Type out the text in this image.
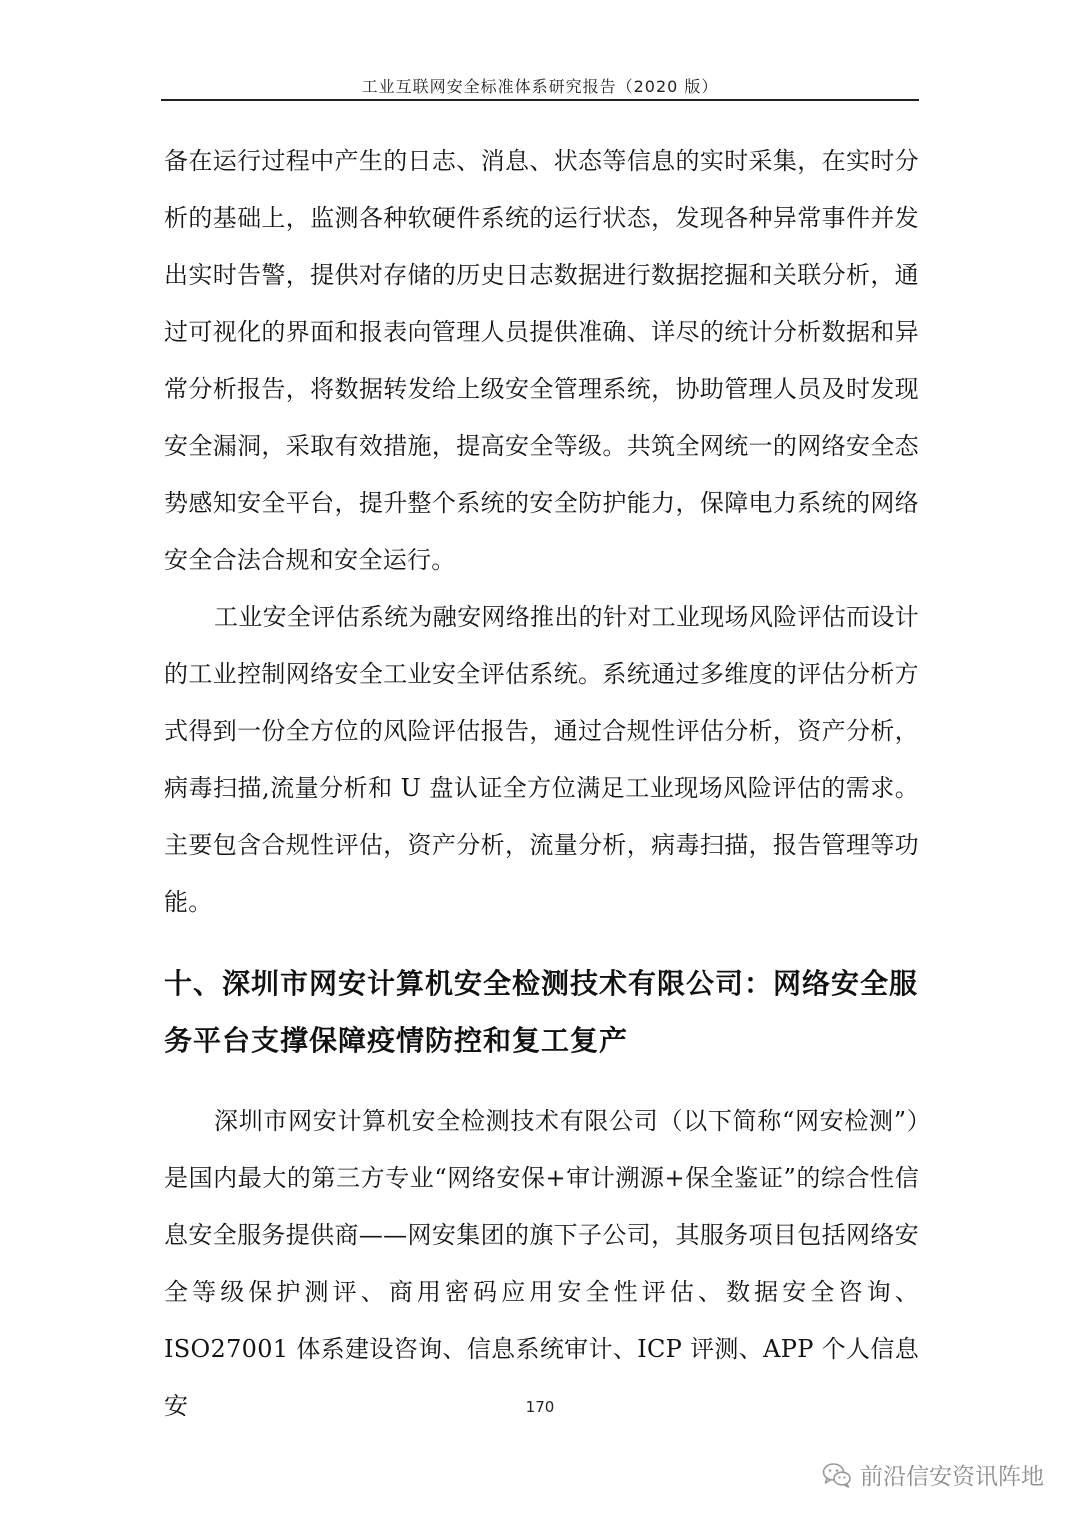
工业互联网安全标准体系研究报告（2020 版）

备在运行过程中产生的日志、消息、状态等信息的实时采集，在实时分析的基础上，监测各种软硬件系统的运行状态，发现各种异常事件并发出实时告警，提供对存储的历史日志数据进行数据挖掘和关联分析，通过可视化的界面和报表向管理人员提供准确、详尽的统计分析数据和异常分析报告，将数据转发给上级安全管理系统，协助管理人员及时发现安全漏洞，采取有效措施，提高安全等级。共筑全网统一的网络安全态势感知安全平台，提升整个系统的安全防护能力，保障电力系统的网络安全合法合规和安全运行。

工业安全评估系统为融安网络推出的针对工业现场风险评估而设计的工业控制网络安全工业安全评估系统。系统通过多维度的评估分析方式得到一份全方位的风险评估报告，通过合规性评估分析，资产分析，病毒扫描,流量分析和 U 盘认证全方位满足工业现场风险评估的需求。主要包含合规性评估，资产分析，流量分析，病毒扫描，报告管理等功能。

十、深圳市网安计算机安全检测技术有限公司：网络安全服务平台支撑保障疫情防控和复工复产

深圳市网安计算机安全检测技术有限公司（以下简称“网安检测”）是国内最大的第三方专业“网络安保+审计溯源+保全鉴证”的综合性信息安全服务提供商——网安集团的旗下子公司，其服务项目包括网络安全等级保护测评、商用密码应用安全性评估、数据安全咨询、ISO27001 体系建设咨询、信息系统审计、ICP 评测、APP 个人信息安	170
前沿信安资讯阵地
